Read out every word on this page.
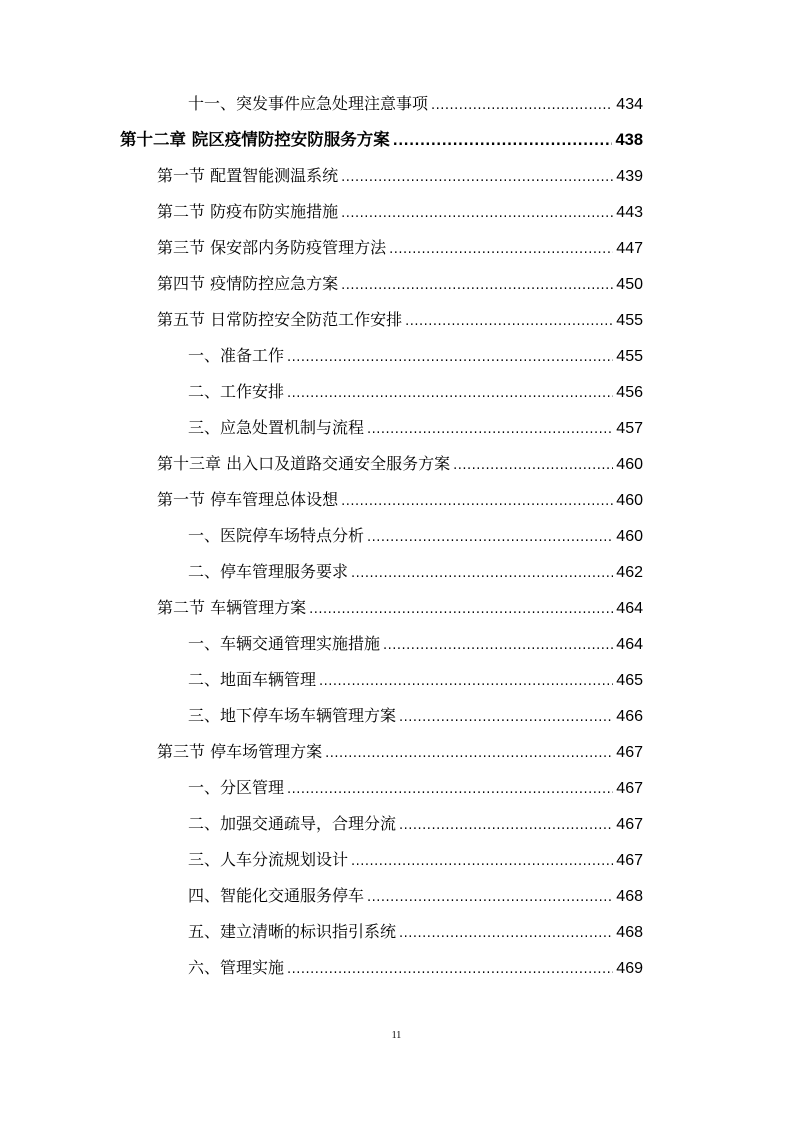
十一、突发事件应急处理注意事项 .....	434
第十二章 院区疫情防控安防服务方案 .....	438
第一节 配置智能测温系统 .....	439
第二节 防疫布防实施措施 .....	443
第三节 保安部内务防疫管理方法 .....	447
第四节 疫情防控应急方案 .....	450
第五节 日常防控安全防范工作安排 .....	455
一、准备工作 .....	455
二、工作安排 .....	456
三、应急处置机制与流程 .....	457
第十三章 出入口及道路交通安全服务方案 .....	460
第一节 停车管理总体设想 .....	460
一、医院停车场特点分析 .....	460
二、停车管理服务要求 .....	462
第二节 车辆管理方案 .....	464
一、车辆交通管理实施措施 .....	464
二、地面车辆管理 .....	465
三、地下停车场车辆管理方案 .....	466
第三节 停车场管理方案 .....	467
一、分区管理 .....	467
二、加强交通疏导，合理分流 .....	467
三、人车分流规划设计 .....	467
四、智能化交通服务停车 .....	468
五、建立清晰的标识指引系统 .....	468
六、管理实施 .....	469
11
